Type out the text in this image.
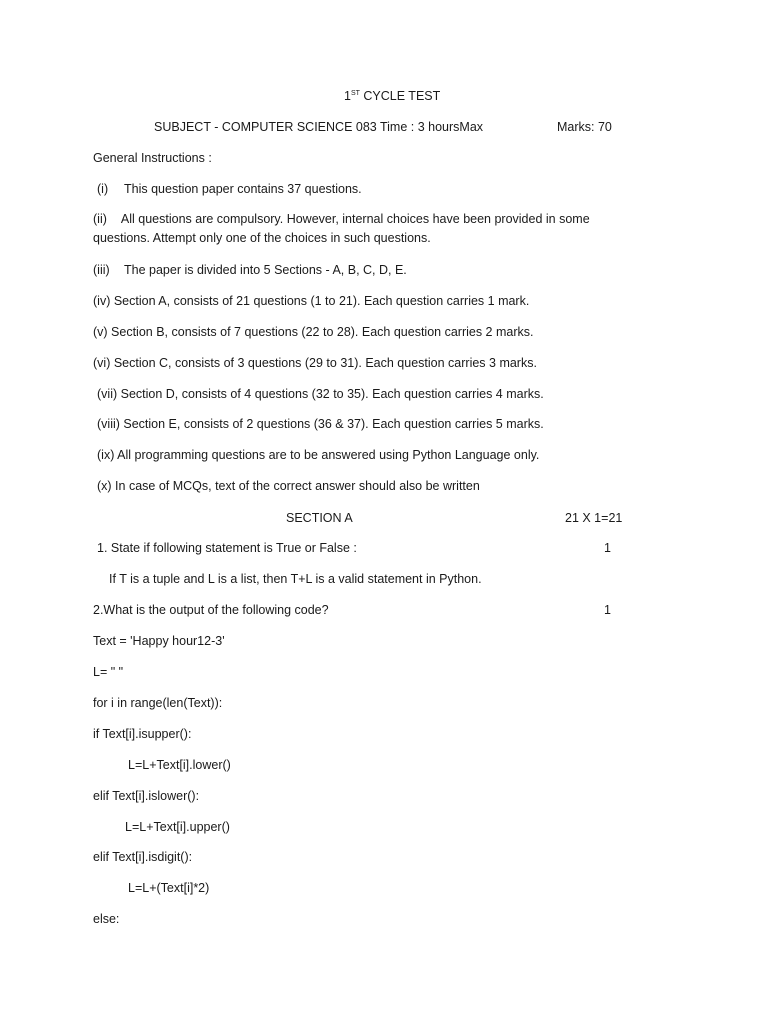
1ST CYCLE TEST
SUBJECT - COMPUTER SCIENCE 083 Time : 3 hoursMax	Marks: 70
General Instructions :
(i) This question paper contains 37 questions.
(ii) All questions are compulsory. However, internal choices have been provided in some questions. Attempt only one of the choices in such questions.
(iii) The paper is divided into 5 Sections - A, B, C, D, E.
(iv) Section A, consists of 21 questions (1 to 21). Each question carries 1 mark.
(v) Section B, consists of 7 questions (22 to 28). Each question carries 2 marks.
(vi) Section C, consists of 3 questions (29 to 31). Each question carries 3 marks.
(vii) Section D, consists of 4 questions (32 to 35). Each question carries 4 marks.
(viii) Section E, consists of 2 questions (36 & 37). Each question carries 5 marks.
(ix) All programming questions are to be answered using Python Language only.
(x) In case of MCQs, text of the correct answer should also be written
SECTION A	21 X 1=21
1. State if following statement is True or False :	1
If T is a tuple and L is a list, then T+L is a valid statement in Python.
2.What is the output of the following code?	1
Text = 'Happy hour12-3'
L= " "
for i in range(len(Text)):
if Text[i].isupper():
L=L+Text[i].lower()
elif Text[i].islower():
L=L+Text[i].upper()
elif Text[i].isdigit():
L=L+(Text[i]*2)
else:
